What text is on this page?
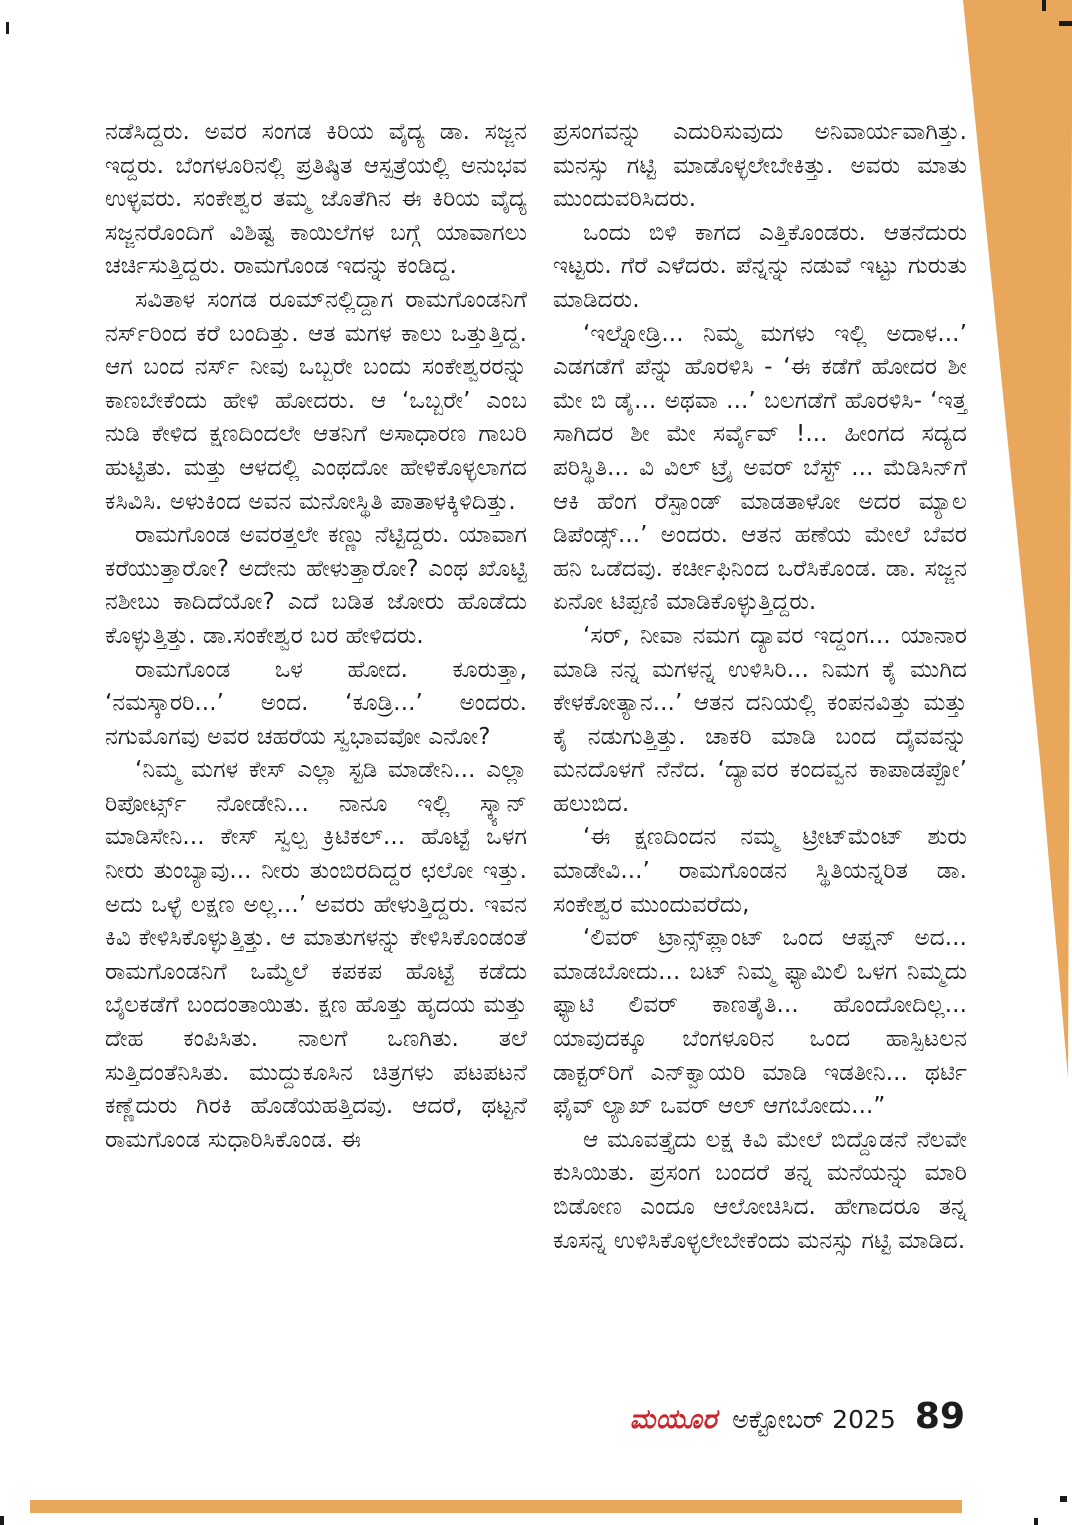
ನಡೆಸಿದ್ದರು. ಅವರ ಸಂಗಡ ಕಿರಿಯ ವೈದ್ಯ ಡಾ. ಸಜ್ಜನ ಇದ್ದರು. ಬೆಂಗಳೂರಿನಲ್ಲಿ ಪ್ರತಿಷ್ಠಿತ ಆಸ್ಪತ್ರೆಯಲ್ಲಿ ಅನುಭವ ಉಳ್ಳವರು. ಸಂಕೇಶ್ವರ ತಮ್ಮ ಜೊತೆಗಿನ ಈ ಕಿರಿಯ ವೈದ್ಯ ಸಜ್ಜನರೊಂದಿಗೆ ವಿಶಿಷ್ಟ ಕಾಯಿಲೆಗಳ ಬಗ್ಗೆ ಯಾವಾಗಲು ಚರ್ಚಿಸುತ್ತಿದ್ದರು. ರಾಮಗೊಂಡ ಇದನ್ನು ಕಂಡಿದ್ದ.

ಸವಿತಾಳ ಸಂಗಡ ರೂಮ್‌ನಲ್ಲಿದ್ದಾಗ ರಾಮಗೊಂಡನಿಗೆ ನರ್ಸ್‌ರಿಂದ ಕರೆ ಬಂದಿತ್ತು. ಆತ ಮಗಳ ಕಾಲು ಒತ್ತುತ್ತಿದ್ದ. ಆಗ ಬಂದ ನರ್ಸ್ ನೀವು ಒಬ್ಬರೇ ಬಂದು ಸಂಕೇಶ್ವರರನ್ನು ಕಾಣಬೇಕೆಂದು ಹೇಳಿ ಹೋದರು. ಆ ‘ಒಬ್ಬರೇ’ ಎಂಬ ನುಡಿ ಕೇಳಿದ ಕ್ಷಣದಿಂದಲೇ ಆತನಿಗೆ ಅಸಾಧಾರಣ ಗಾಬರಿ ಹುಟ್ಟಿತು. ಮತ್ತು ಆಳದಲ್ಲಿ ಎಂಥದೋ ಹೇಳಿಕೊಳ್ಳಲಾಗದ ಕಸಿವಿಸಿ. ಅಳುಕಿಂದ ಅವನ ಮನೋಸ್ಥಿತಿ ಪಾತಾಳಕ್ಕಿಳಿದಿತ್ತು.

ರಾಮಗೊಂಡ ಅವರತ್ತಲೇ ಕಣ್ಣು ನೆಟ್ಟಿದ್ದರು. ಯಾವಾಗ ಕರೆಯುತ್ತಾರೋ? ಅದೇನು ಹೇಳುತ್ತಾರೋ? ಎಂಥ ಖೊಟ್ಟಿ ನಶೀಬು ಕಾದಿದೆಯೋ? ಎದೆ ಬಡಿತ ಜೋರು ಹೊಡೆದು ಕೊಳ್ಳುತ್ತಿತ್ತು. ಡಾ.ಸಂಕೇಶ್ವರ ಬರ ಹೇಳಿದರು.

ರಾಮಗೊಂಡ ಒಳ ಹೋದ. ಕೂರುತ್ತಾ, ‘ನಮಸ್ಕಾರರಿ...’ ಅಂದ. ‘ಕೂಡ್ರಿ...’ ಅಂದರು. ನಗುಮೊಗವು ಅವರ ಚಹರೆಯ ಸ್ವಭಾವವೋ ಎನೋ?

‘ನಿಮ್ಮ ಮಗಳ ಕೇಸ್ ಎಲ್ಲಾ ಸ್ಟಡಿ ಮಾಡೇನಿ... ಎಲ್ಲಾ ರಿಪೋರ್ಟ್ಸ್ ನೋಡೇನಿ... ನಾನೂ ಇಲ್ಲಿ ಸ್ಕ್ಯಾನ್ ಮಾಡಿಸೇನಿ... ಕೇಸ್ ಸ್ವಲ್ಪ ಕ್ರಿಟಿಕಲ್... ಹೊಟ್ಟೆ ಒಳಗ ನೀರು ತುಂಬ್ಯಾವು... ನೀರು ತುಂಬಿರದಿದ್ದರ ಛಲೋ ಇತ್ತು. ಅದು ಒಳ್ಳೆ ಲಕ್ಷಣ ಅಲ್ಲ...’ ಅವರು ಹೇಳುತ್ತಿದ್ದರು. ಇವನ ಕಿವಿ ಕೇಳಿಸಿಕೊಳ್ಳುತ್ತಿತ್ತು. ಆ ಮಾತುಗಳನ್ನು ಕೇಳಿಸಿಕೊಂಡಂತೆ ರಾಮಗೊಂಡನಿಗೆ ಒಮ್ಮೆಲೆ ಕಪಕಪ ಹೊಟ್ಟೆ ಕಡೆದು ಬೈಲಕಡೆಗೆ ಬಂದಂತಾಯಿತು. ಕ್ಷಣ ಹೊತ್ತು ಹೃದಯ ಮತ್ತು ದೇಹ ಕಂಪಿಸಿತು. ನಾಲಗೆ ಒಣಗಿತು. ತಲೆ ಸುತ್ತಿದಂತೆನಿಸಿತು. ಮುದ್ದುಕೂಸಿನ ಚಿತ್ರಗಳು ಪಟಪಟನೆ ಕಣ್ಣೆದುರು ಗಿರಕಿ ಹೊಡೆಯಹತ್ತಿದವು. ಆದರೆ, ಥಟ್ಟನೆ ರಾಮಗೊಂಡ ಸುಧಾರಿಸಿಕೊಂಡ. ಈ

ಪ್ರಸಂಗವನ್ನು ಎದುರಿಸುವುದು ಅನಿವಾರ್ಯವಾಗಿತ್ತು. ಮನಸ್ಸು ಗಟ್ಟಿ ಮಾಡೊಳ್ಳಲೇಬೇಕಿತ್ತು. ಅವರು ಮಾತು ಮುಂದುವರಿಸಿದರು.

ಒಂದು ಬಿಳಿ ಕಾಗದ ಎತ್ತಿಕೊಂಡರು. ಆತನೆದುರು ಇಟ್ಟರು. ಗೆರೆ ಎಳೆದರು. ಪೆನ್ನನ್ನು ನಡುವೆ ಇಟ್ಟು ಗುರುತು ಮಾಡಿದರು.

‘ಇಲ್ನೋಡ್ರಿ... ನಿಮ್ಮ ಮಗಳು ಇಲ್ಲಿ ಅದಾಳ...’ ಎಡಗಡೆಗೆ ಪೆನ್ನು ಹೊರಳಿಸಿ - ‘ಈ ಕಡೆಗೆ ಹೋದರ ಶೀ ಮೇ ಬಿ ಡೈ... ಅಥವಾ ...’ ಬಲಗಡೆಗೆ ಹೊರಳಿಸಿ- ‘ಇತ್ತ ಸಾಗಿದರ ಶೀ ಮೇ ಸರ್ವೈವ್ !... ಹೀಂಗದ ಸದ್ಯದ ಪರಿಸ್ಥಿತಿ... ವಿ ವಿಲ್ ಟ್ರೈ ಅವರ್ ಬೆಸ್ಟ್ ... ಮೆಡಿಸಿನ್‌ಗೆ ಆಕಿ ಹೆಂಗ ರೆಸ್ಪಾಂಡ್ ಮಾಡತಾಳೋ ಅದರ ಮ್ಯಾಲ ಡಿಪೆಂಡ್ಸ್...’ ಅಂದರು. ಆತನ ಹಣೆಯ ಮೇಲೆ ಬೆವರ ಹನಿ ಒಡೆದವು. ಕರ್ಚೀಫಿನಿಂದ ಒರೆಸಿಕೊಂಡ. ಡಾ. ಸಜ್ಜನ ಏನೋ ಟಿಪ್ಪಣಿ ಮಾಡಿಕೊಳ್ಳುತ್ತಿದ್ದರು.

‘ಸರ್, ನೀವಾ ನಮಗ ದ್ಯಾವರ ಇದ್ದಂಗ... ಯಾನಾರ ಮಾಡಿ ನನ್ನ ಮಗಳನ್ನ ಉಳಿಸಿರಿ... ನಿಮಗ ಕೈ ಮುಗಿದ ಕೇಳಕೋತ್ಯಾನ...’ ಆತನ ದನಿಯಲ್ಲಿ ಕಂಪನವಿತ್ತು ಮತ್ತು ಕೈ ನಡುಗುತ್ತಿತ್ತು. ಚಾಕರಿ ಮಾಡಿ ಬಂದ ದೈವವನ್ನು ಮನದೊಳಗೆ ನೆನೆದ. ‘ದ್ಯಾವರ ಕಂದವ್ವನ ಕಾಪಾಡಪ್ಪೋ’ ಹಲುಬಿದ.

‘ಈ ಕ್ಷಣದಿಂದನ ನಮ್ಮ ಟ್ರೀಟ್‌ಮೆಂಟ್ ಶುರು ಮಾಡೇವಿ...’ ರಾಮಗೊಂಡನ ಸ್ಥಿತಿಯನ್ನರಿತ ಡಾ. ಸಂಕೇಶ್ವರ ಮುಂದುವರೆದು,

‘ಲಿವರ್ ಟ್ರಾನ್ಸ್‌ಪ್ಲಾಂಟ್ ಒಂದ ಆಪ್ಷನ್ ಅದ... ಮಾಡಬೋದು... ಬಟ್ ನಿಮ್ಮ ಫ್ಯಾಮಿಲಿ ಒಳಗ ನಿಮ್ಮದು ಫ್ಯಾಟಿ ಲಿವರ್ ಕಾಣತೈತಿ... ಹೊಂದೋದಿಲ್ಲ... ಯಾವುದಕ್ಕೂ ಬೆಂಗಳೂರಿನ ಒಂದ ಹಾಸ್ಪಿಟಲನ ಡಾಕ್ಟರ್‌ರಿಗೆ ಎನ್‌ಕ್ವಾಯರಿ ಮಾಡಿ ಇಡತೀನಿ... ಥರ್ಟಿ ಫೈವ್ ಲ್ಯಾಖ್ ಒವರ್ ಆಲ್ ಆಗಬೋದು...”

ಆ ಮೂವತ್ತೈದು ಲಕ್ಷ ಕಿವಿ ಮೇಲೆ ಬಿದ್ದೊಡನೆ ನೆಲವೇ ಕುಸಿಯಿತು. ಪ್ರಸಂಗ ಬಂದರೆ ತನ್ನ ಮನೆಯನ್ನು ಮಾರಿ ಬಿಡೋಣ ಎಂದೂ ಆಲೋಚಿಸಿದ. ಹೇಗಾದರೂ ತನ್ನ ಕೂಸನ್ನ ಉಳಿಸಿಕೊಳ್ಳಲೇಬೇಕೆಂದು ಮನಸ್ಸು ಗಟ್ಟಿ ಮಾಡಿದ.

ಮಯೂರ ಅಕ್ಟೋಬರ್ 2025 89
